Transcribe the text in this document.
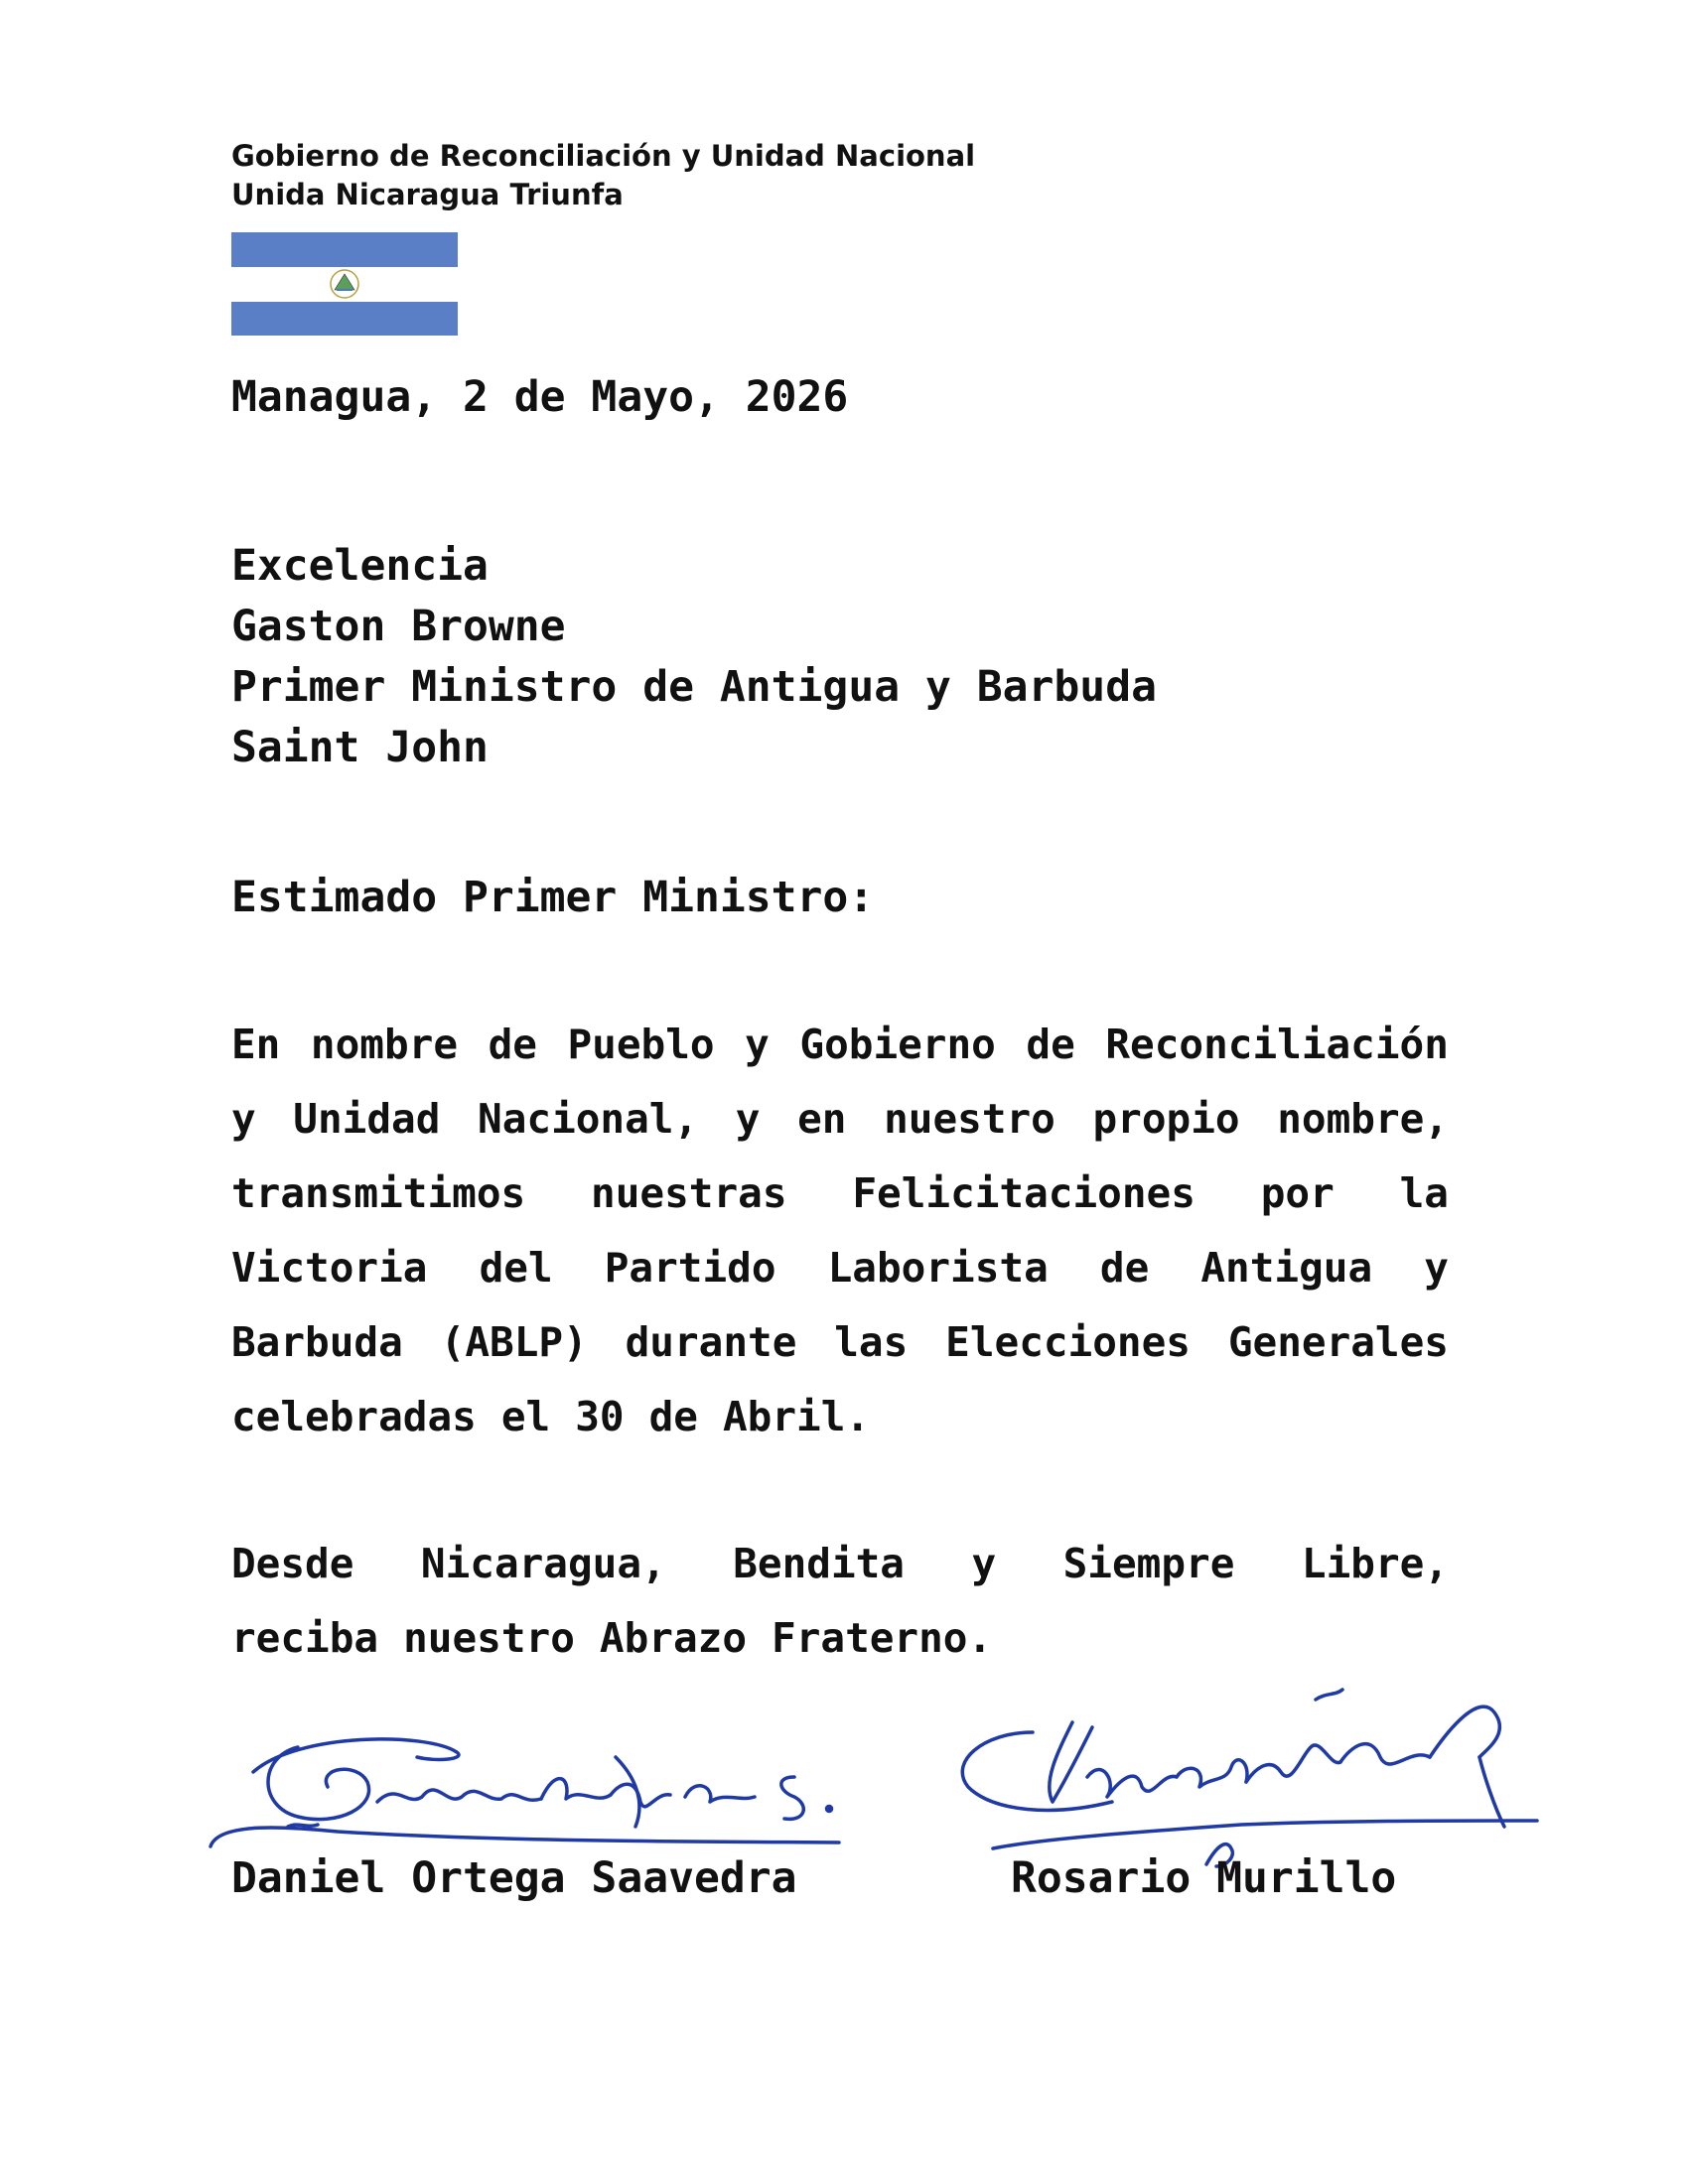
Gobierno de Reconciliación y Unidad Nacional
Unida Nicaragua Triunfa
Managua, 2 de Mayo, 2026
Excelencia
Gaston Browne
Primer Ministro de Antigua y Barbuda
Saint John
Estimado Primer Ministro:
En nombre de Pueblo y Gobierno de Reconciliación
y Unidad Nacional, y en nuestro propio nombre,
transmitimos nuestras Felicitaciones por la
Victoria del Partido Laborista de Antigua y
Barbuda (ABLP) durante las Elecciones Generales
celebradas el 30 de Abril.
Desde Nicaragua, Bendita y Siempre Libre,
reciba nuestro Abrazo Fraterno.
Daniel Ortega Saavedra	Rosario Murillo
